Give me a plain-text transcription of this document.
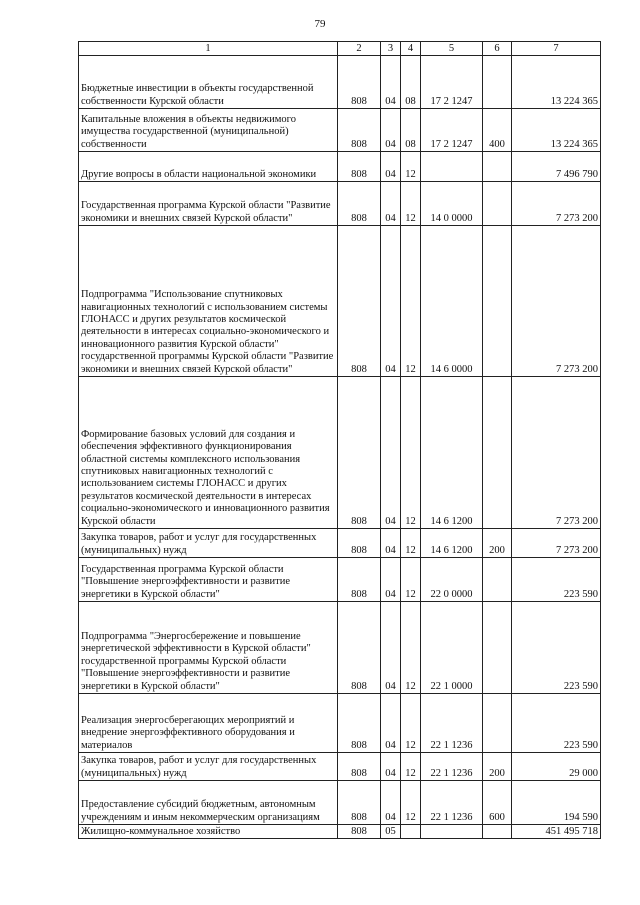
79
1	2	3	4	5	6	7
Бюджетные инвестиции в объекты государственной собственности Курской области	808	04	08	17 2 1247		13 224 365
Капитальные вложения в объекты недвижимого имущества государственной (муниципальной) собственности	808	04	08	17 2 1247	400	13 224 365
Другие вопросы в области национальной экономики	808	04	12			7 496 790
Государственная программа Курской области "Развитие экономики и внешних связей Курской области"	808	04	12	14 0 0000		7 273 200
Подпрограмма "Использование спутниковых навигационных технологий с использованием системы ГЛОНАСС и других результатов космической деятельности в интересах социально-экономического и инновационного развития Курской области" государственной программы Курской области "Развитие экономики и внешних связей Курской области"	808	04	12	14 6 0000		7 273 200
Формирование базовых условий для создания и обеспечения эффективного функционирования областной системы комплексного использования спутниковых навигационных технологий с использованием системы ГЛОНАСС и других результатов космической деятельности в интересах социально-экономического и инновационного развития Курской области	808	04	12	14 6 1200		7 273 200
Закупка товаров, работ и услуг для государственных (муниципальных) нужд	808	04	12	14 6 1200	200	7 273 200
Государственная программа Курской области "Повышение энергоэффективности и развитие энергетики в Курской области"	808	04	12	22 0 0000		223 590
Подпрограмма "Энергосбережение и повышение энергетической эффективности в Курской области" государственной программы Курской области "Повышение энергоэффективности и развитие энергетики в Курской области"	808	04	12	22 1 0000		223 590
Реализация энергосберегающих мероприятий и внедрение энергоэффективного оборудования и материалов	808	04	12	22 1 1236		223 590
Закупка товаров, работ и услуг для государственных (муниципальных) нужд	808	04	12	22 1 1236	200	29 000
Предоставление субсидий бюджетным, автономным учреждениям и иным некоммерческим организациям	808	04	12	22 1 1236	600	194 590
Жилищно-коммунальное хозяйство	808	05				451 495 718
